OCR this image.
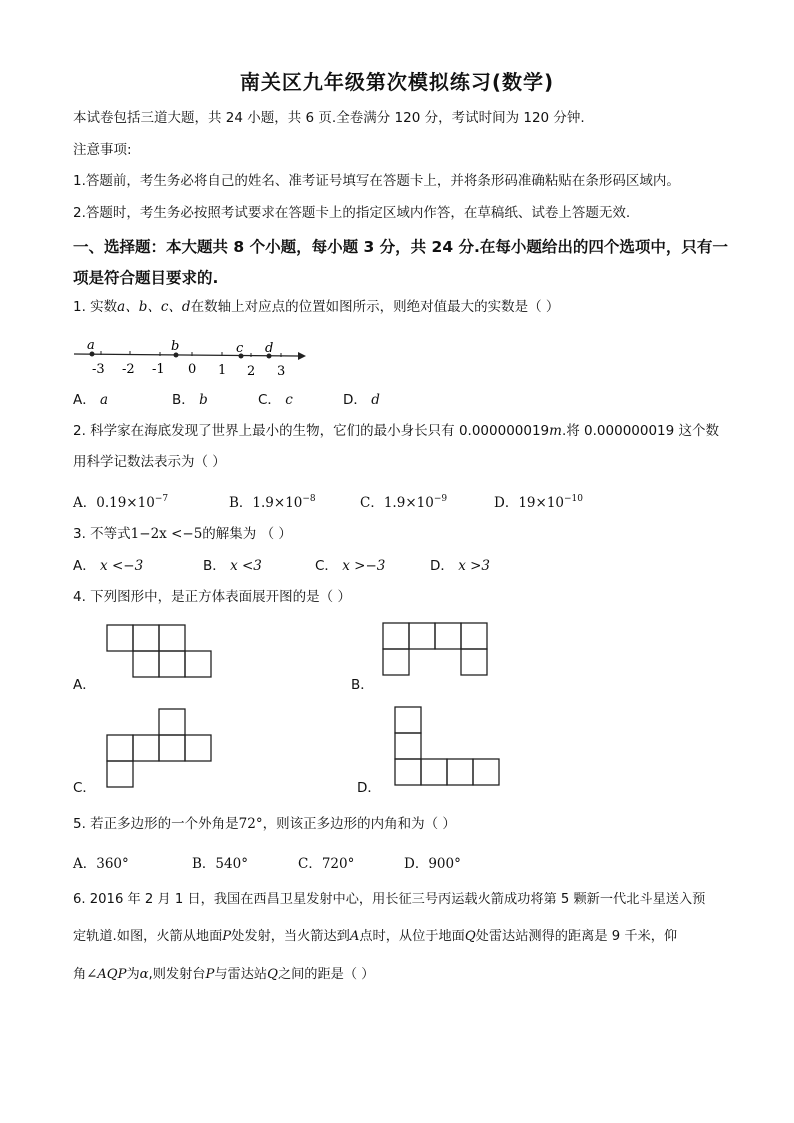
南关区九年级第次模拟练习(数学)
本试卷包括三道大题，共 24 小题，共 6 页.全卷满分 120 分，考试时间为 120 分钟.
注意事项:
1.答题前，考生务必将自己的姓名、准考证号填写在答题卡上，并将条形码准确粘贴在条形码区域内。
2.答题时，考生务必按照考试要求在答题卡上的指定区域内作答，在草稿纸、试卷上答题无效.
一、选择题：本大题共 8 个小题，每小题 3 分，共 24 分.在每小题给出的四个选项中，只有一
项是符合题目要求的.
1. 实数a、b、c、d在数轴上对应点的位置如图所示，则绝对值最大的实数是（ ）
a	b	c d
-3 -2 -1 0 1 2 3
A． a	B． b	C． c	D． d
2. 科学家在海底发现了世界上最小的生物，它们的最小身长只有 0.000000019m.将 0.000000019 这个数
用科学记数法表示为（ ）
A．$0.19\times 10^{-7}$	B．$1.9\times 10^{-8}$	C．$1.9\times 10^{-9}$	D．$19\times 10^{-10}$
3. 不等式1−2x <−5的解集为 （ ）
A． x <−3	B． x <3	C． x >−3	D． x >3
4. 下列图形中，是正方体表面展开图的是（ ）
A．	B．
C．	D．
5. 若正多边形的一个外角是72°，则该正多边形的内角和为（ ）
A．360°	B．540°	C．720°	D．900°
6. 2016 年 2 月 1 日，我国在西昌卫星发射中心，用长征三号丙运载火箭成功将第 5 颗新一代北斗星送入预
定轨道.如图，火箭从地面P处发射，当火箭达到A点时，从位于地面Q处雷达站测得的距离是 9 千米，仰
角∠AQP为α,则发射台P与雷达站Q之间的距是（ ）
